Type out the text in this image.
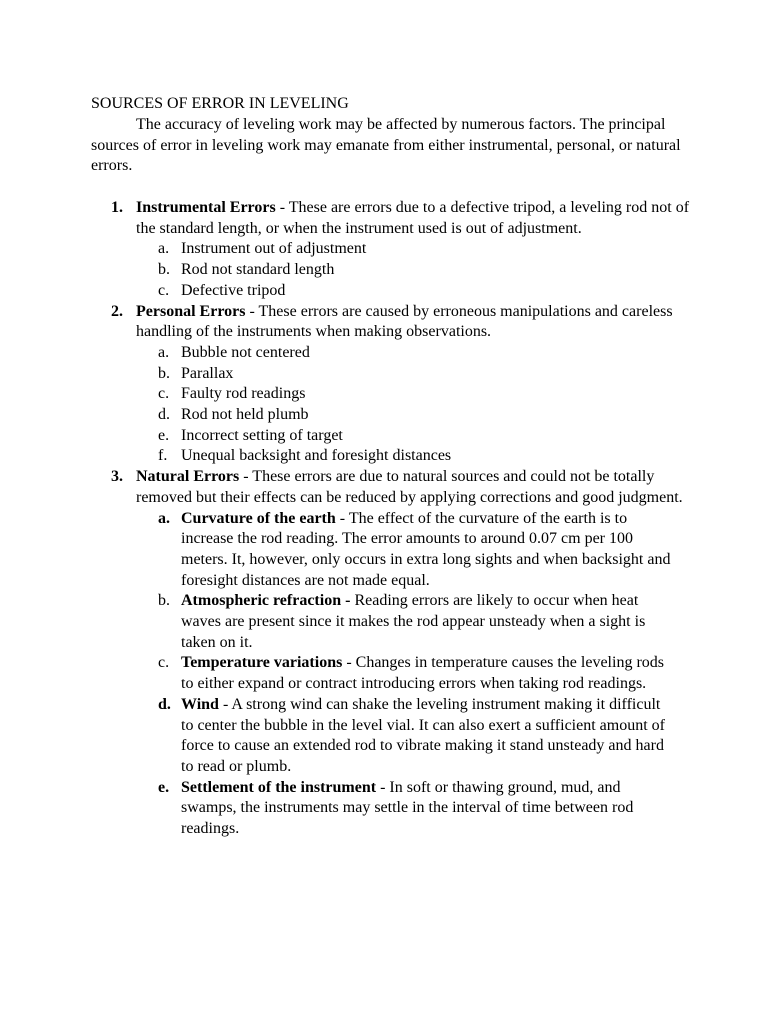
SOURCES OF ERROR IN LEVELING

The accuracy of leveling work may be affected by numerous factors. The principal sources of error in leveling work may emanate from either instrumental, personal, or natural errors.

1. Instrumental Errors - These are errors due to a defective tripod, a leveling rod not of the standard length, or when the instrument used is out of adjustment.
a. Instrument out of adjustment
b. Rod not standard length
c. Defective tripod
2. Personal Errors - These errors are caused by erroneous manipulations and careless handling of the instruments when making observations.
a. Bubble not centered
b. Parallax
c. Faulty rod readings
d. Rod not held plumb
e. Incorrect setting of target
f. Unequal backsight and foresight distances
3. Natural Errors - These errors are due to natural sources and could not be totally removed but their effects can be reduced by applying corrections and good judgment.
a. Curvature of the earth - The effect of the curvature of the earth is to increase the rod reading. The error amounts to around 0.07 cm per 100 meters. It, however, only occurs in extra long sights and when backsight and foresight distances are not made equal.
b. Atmospheric refraction - Reading errors are likely to occur when heat waves are present since it makes the rod appear unsteady when a sight is taken on it.
c. Temperature variations - Changes in temperature causes the leveling rods to either expand or contract introducing errors when taking rod readings.
d. Wind - A strong wind can shake the leveling instrument making it difficult to center the bubble in the level vial. It can also exert a sufficient amount of force to cause an extended rod to vibrate making it stand unsteady and hard to read or plumb.
e. Settlement of the instrument - In soft or thawing ground, mud, and swamps, the instruments may settle in the interval of time between rod readings.
